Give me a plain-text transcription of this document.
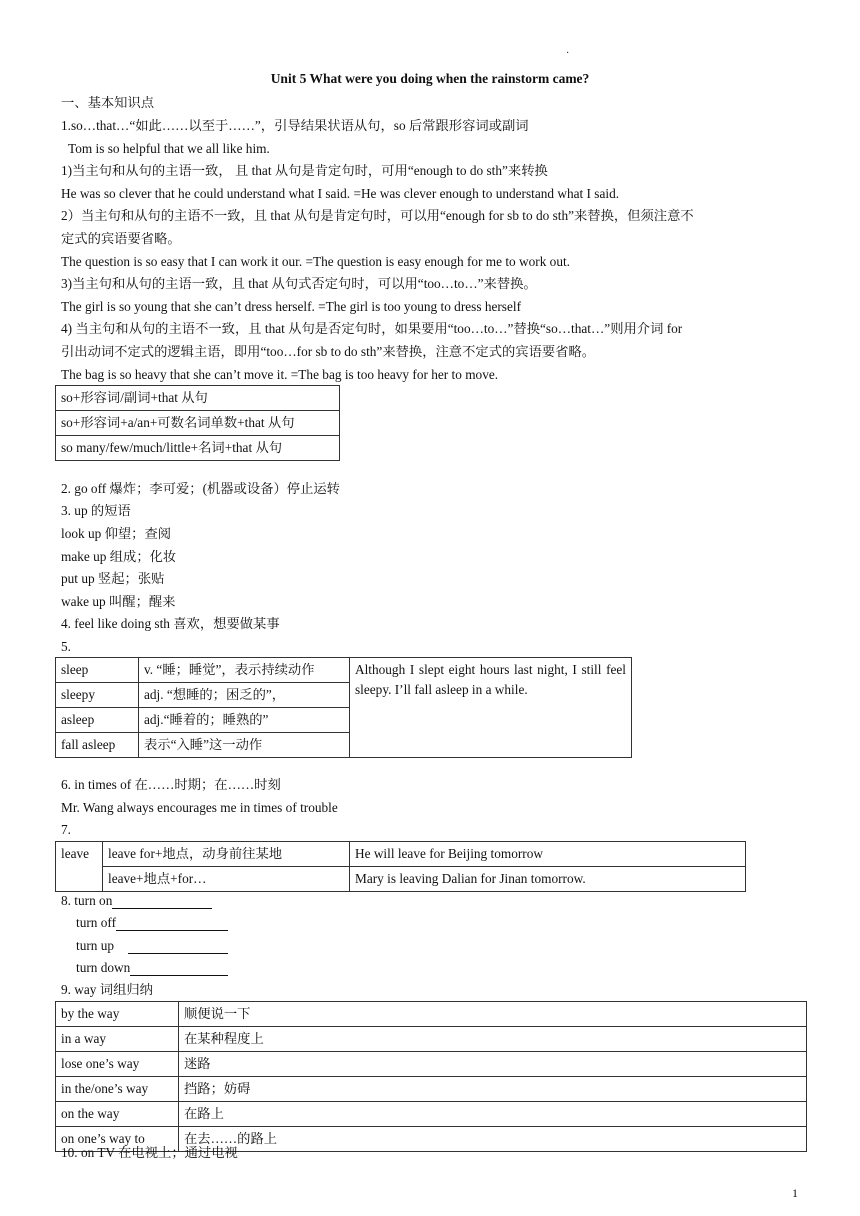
·
Unit 5 What were you doing when the rainstorm came?
一、基本知识点
1.so…that…“如此……以至于……”，引导结果状语从句，so 后常跟形容词或副词
Tom is so helpful that we all like him.
1)当主句和从句的主语一致， 且 that 从句是肯定句时，可用“enough to do sth”来转换
He was so clever that he could understand what I said. =He was clever enough to understand what I said.
2）当主句和从句的主语不一致，且 that 从句是肯定句时，可以用“enough for sb to do sth”来替换，但须注意不
定式的宾语要省略。
The question is so easy that I can work it our. =The question is easy enough for me to work out.
3)当主句和从句的主语一致，且 that 从句式否定句时，可以用“too…to…”来替换。
The girl is so young that she can’t dress herself. =The girl is too young to dress herself
4) 当主句和从句的主语不一致，且 that 从句是否定句时，如果要用“too…to…”替换“so…that…”则用介词 for
引出动词不定式的逻辑主语，即用“too…for sb to do sth”来替换，注意不定式的宾语要省略。
The bag is so heavy that she can’t move it. =The bag is too heavy for her to move.
so+形容词/副词+that 从句
so+形容词+a/an+可数名词单数+that 从句
so many/few/much/little+名词+that 从句
2. go off 爆炸；李可爱；(机器或设备）停止运转
3. up 的短语
look up 仰望；查阅
make up 组成；化妆
put up 竖起；张贴
wake up 叫醒；醒来
4. feel like doing sth 喜欢，想要做某事
5.
sleep	v. “睡；睡觉”，表示持续动作	Although I slept eight hours last night, I still feel sleepy. I’ll fall asleep in a while.
sleepy	adj. “想睡的；困乏的”，	
asleep	adj.“睡着的；睡熟的”	
fall asleep	表示“入睡”这一动作	
6. in times of 在……时期；在……时刻
Mr. Wang always encourages me in times of trouble
7.
leave	leave for+地点，动身前往某地	He will leave for Beijing tomorrow
	leave+地点+for…	Mary is leaving Dalian for Jinan tomorrow.
8. turn on
turn off
turn up
turn down
9. way 词组归纳
by the way	顺便说一下
in a way	在某种程度上
lose one’s way	迷路
in the/one’s way	挡路；妨碍
on the way	在路上
on one’s way to	在去……的路上
10. on TV 在电视上；通过电视
1
